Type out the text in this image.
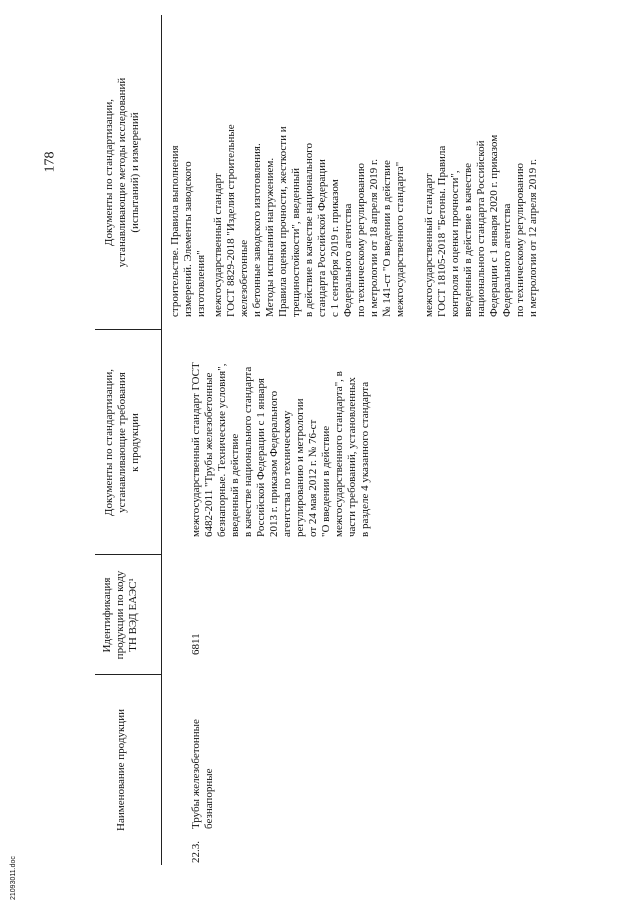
178
21093011.doc
Наименование продукции
Идентификация
продукции по коду
ТН ВЭД ЕАЭС¹
Документы по стандартизации,
устанавливающие требования
к продукции
Документы по стандартизации,
устанавливающие методы исследований
(испытаний) и измерений
22.3.
Трубы железобетонные
безнапорные
6811
межгосударственный стандарт ГОСТ
6482-2011 "Трубы железобетонные
безнапорные. Технические условия",
введенный в действие
в качестве национального стандарта
Российской Федерации с 1 января
2013 г. приказом Федерального
агентства по техническому
регулированию и метрологии
от 24 мая 2012 г. № 76-ст
"О введении в действие
межгосударственного стандарта", в
части требований, установленных
в разделе 4 указанного стандарта
строительстве. Правила выполнения
измерений. Элементы заводского
изготовления" межгосударственный стандарт
ГОСТ 8829-2018 "Изделия строительные
железобетонные
и бетонные заводского изготовления.
Методы испытаний нагружением.
Правила оценки прочности, жесткости и
трещиностойкости", введенный
в действие в качестве национального
стандарта Российской Федерации
с 1 сентября 2019 г. приказом
Федерального агентства
по техническому регулированию
и метрологии от 18 апреля 2019 г.
№ 141-ст "О введении в действие
межгосударственного стандарта"
межгосударственный стандарт
ГОСТ 18105-2018 "Бетоны. Правила
контроля и оценки прочности",
введенный в действие в качестве
национального стандарта Российской
Федерации с 1 января 2020 г. приказом
Федерального агентства
по техническому регулированию
и метрологии от 12 апреля 2019 г.
